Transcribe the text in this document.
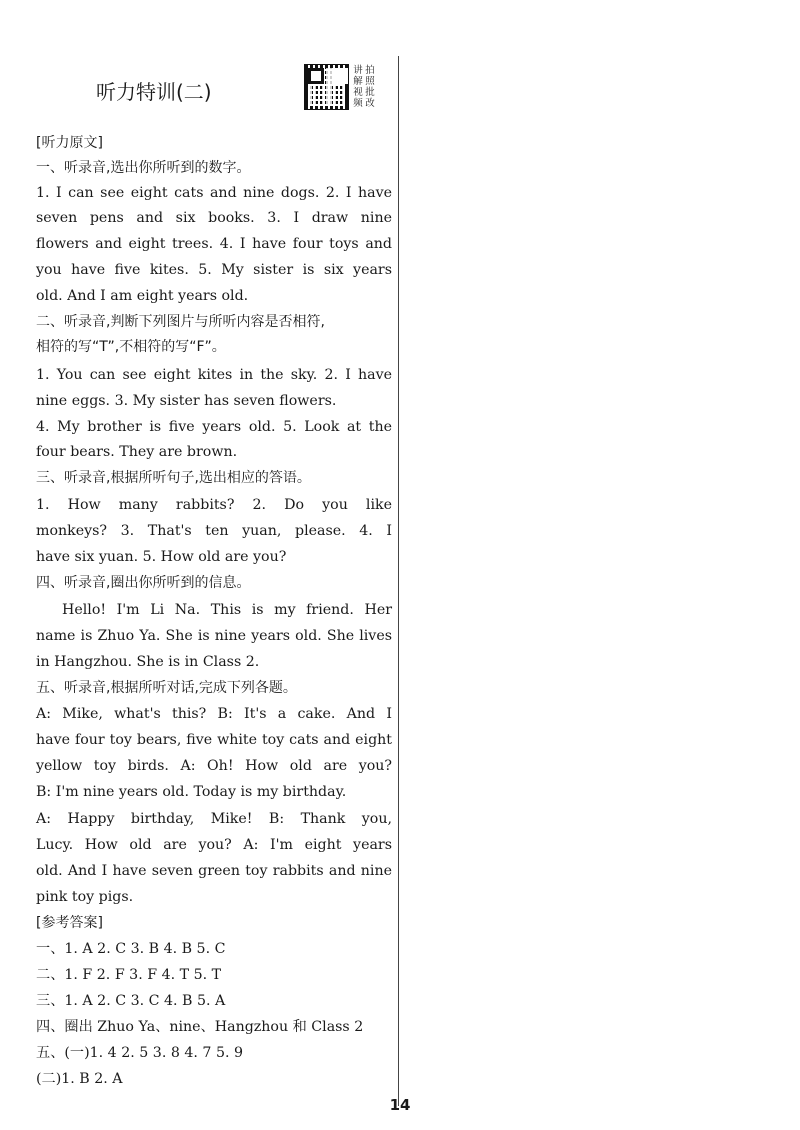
听力特训(二)
讲 拍
解 照
视 批
频 改
[听力原文]
一、听录音,选出你所听到的数字。
1. I can see eight cats and nine dogs. 2. I have
seven pens and six books. 3. I draw nine
flowers and eight trees. 4. I have four toys and
you have five kites. 5. My sister is six years
old. And I am eight years old.
二、听录音,判断下列图片与所听内容是否相符,
相符的写“T”,不相符的写“F”。
1. You can see eight kites in the sky. 2. I have
nine eggs. 3. My sister has seven flowers.
4. My brother is five years old. 5. Look at the
four bears. They are brown.
三、听录音,根据所听句子,选出相应的答语。
1. How many rabbits? 2. Do you like
monkeys? 3. That's ten yuan, please. 4. I
have six yuan. 5. How old are you?
四、听录音,圈出你所听到的信息。
Hello! I'm Li Na. This is my friend. Her
name is Zhuo Ya. She is nine years old. She lives
in Hangzhou. She is in Class 2.
五、听录音,根据所听对话,完成下列各题。
A: Mike, what's this? B: It's a cake. And I
have four toy bears, five white toy cats and eight
yellow toy birds. A: Oh! How old are you?
B: I'm nine years old. Today is my birthday.
A: Happy birthday, Mike! B: Thank you,
Lucy. How old are you? A: I'm eight years
old. And I have seven green toy rabbits and nine
pink toy pigs.
[参考答案]
一、1. A 2. C 3. B 4. B 5. C
二、1. F 2. F 3. F 4. T 5. T
三、1. A 2. C 3. C 4. B 5. A
四、圈出 Zhuo Ya、nine、Hangzhou 和 Class 2
五、(一)1. 4 2. 5 3. 8 4. 7 5. 9
(二)1. B 2. A
14
